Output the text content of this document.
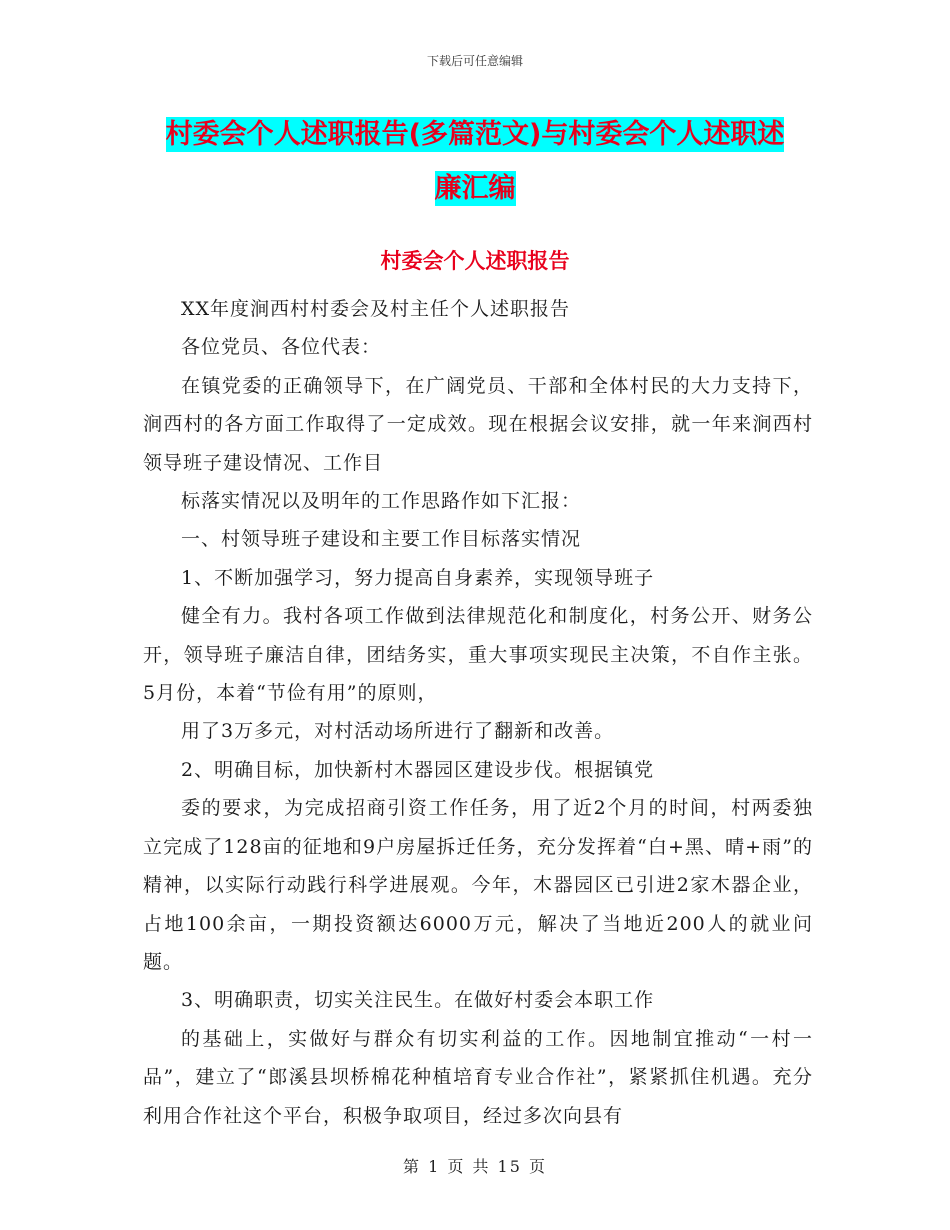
下载后可任意编辑
村委会个人述职报告(多篇范文)与村委会个人述职述
廉汇编
村委会个人述职报告

XX年度涧西村村委会及村主任个人述职报告

各位党员、各位代表：

在镇党委的正确领导下，在广阔党员、干部和全体村民的大力支持下，涧西村的各方面工作取得了一定成效。现在根据会议安排，就一年来涧西村领导班子建设情况、工作目

标落实情况以及明年的工作思路作如下汇报：

一、村领导班子建设和主要工作目标落实情况

1、不断加强学习，努力提高自身素养，实现领导班子

健全有力。我村各项工作做到法律规范化和制度化，村务公开、财务公开，领导班子廉洁自律，团结务实，重大事项实现民主决策，不自作主张。5月份，本着“节俭有用”的原则，

用了3万多元，对村活动场所进行了翻新和改善。

2、明确目标，加快新村木器园区建设步伐。根据镇党

委的要求，为完成招商引资工作任务，用了近2个月的时间，村两委独立完成了128亩的征地和9户房屋拆迁任务，充分发挥着“白+黑、晴+雨”的精神，以实际行动践行科学进展观。今年，木器园区已引进2家木器企业，占地100余亩，一期投资额达6000万元，解决了当地近200人的就业问题。

3、明确职责，切实关注民生。在做好村委会本职工作

的基础上，实做好与群众有切实利益的工作。因地制宜推动“一村一品”，建立了“郎溪县坝桥棉花种植培育专业合作社”，紧紧抓住机遇。充分利用合作社这个平台，积极争取项目，经过多次向县有

第 1 页 共 15 页
